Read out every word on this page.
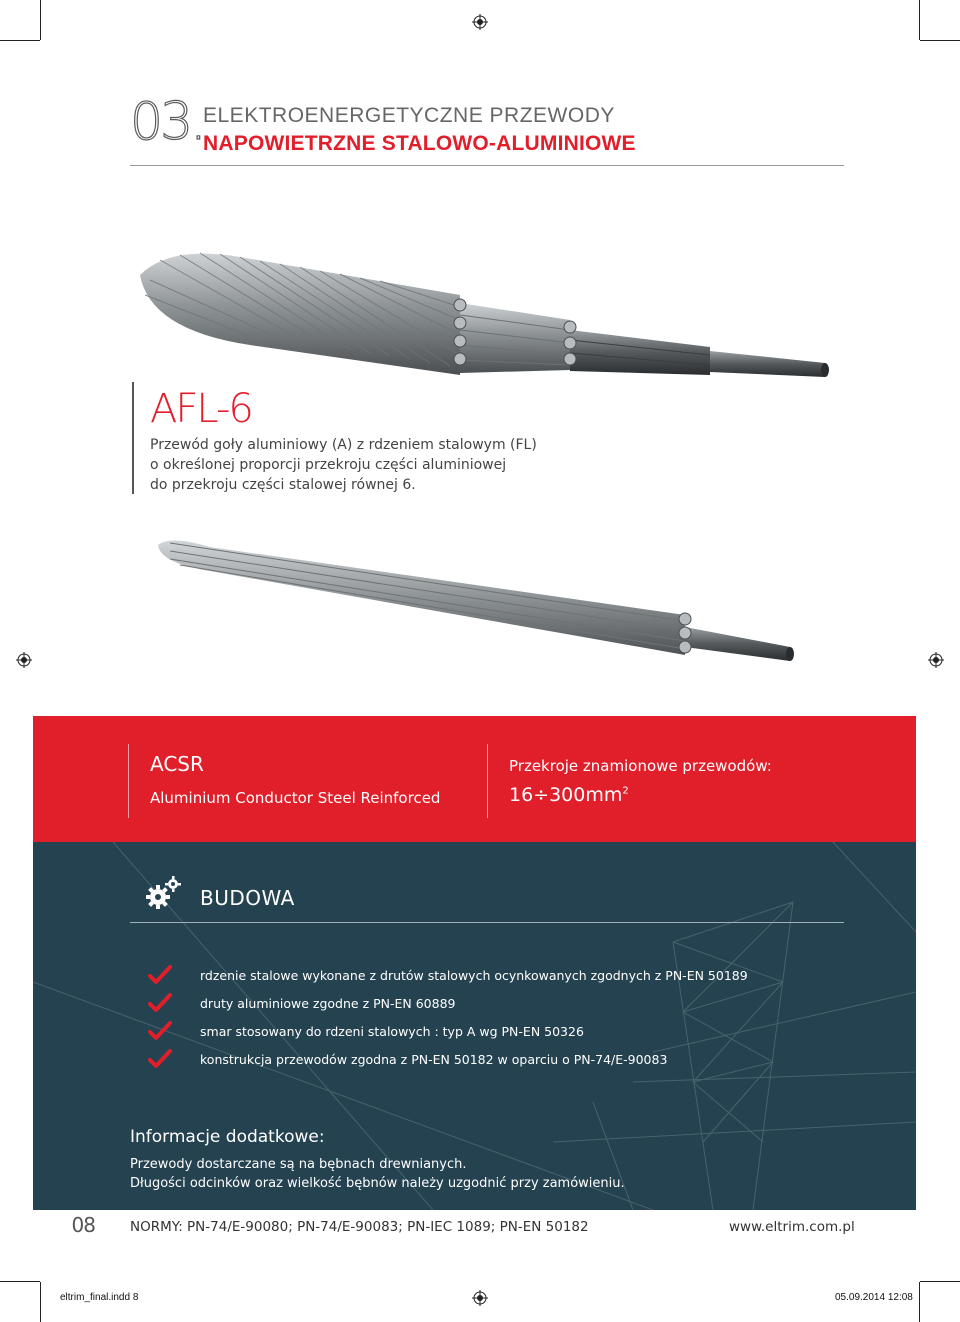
03. ELEKTROENERGETYCZNE PRZEWODY
NAPOWIETRZNE STALOWO-ALUMINIOWE
AFL-6
Przewód goły aluminiowy (A) z rdzeniem stalowym (FL)
o określonej proporcji przekroju części aluminiowej
do przekroju części stalowej równej 6.
ACSR
Aluminium Conductor Steel Reinforced
Przekroje znamionowe przewodów:
$16\div 300mm^2$
BUDOWA
rdzenie stalowe wykonane z drutów stalowych ocynkowanych zgodnych z PN-EN 50189
druty aluminiowe zgodne z PN-EN 60889
smar stosowany do rdzeni stalowych : typ A wg PN-EN 50326
konstrukcja przewodów zgodna z PN-EN 50182 w oparciu o PN-74/E-90083
Informacje dodatkowe:
Przewody dostarczane są na bębnach drewnianych.
Długości odcinków oraz wielkość bębnów należy uzgodnić przy zamówieniu.
08	NORMY: PN-74/E-90080; PN-74/E-90083; PN-IEC 1089; PN-EN 50182	www.eltrim.com.pl
eltrim_final.indd 8	05.09.2014 12:08
